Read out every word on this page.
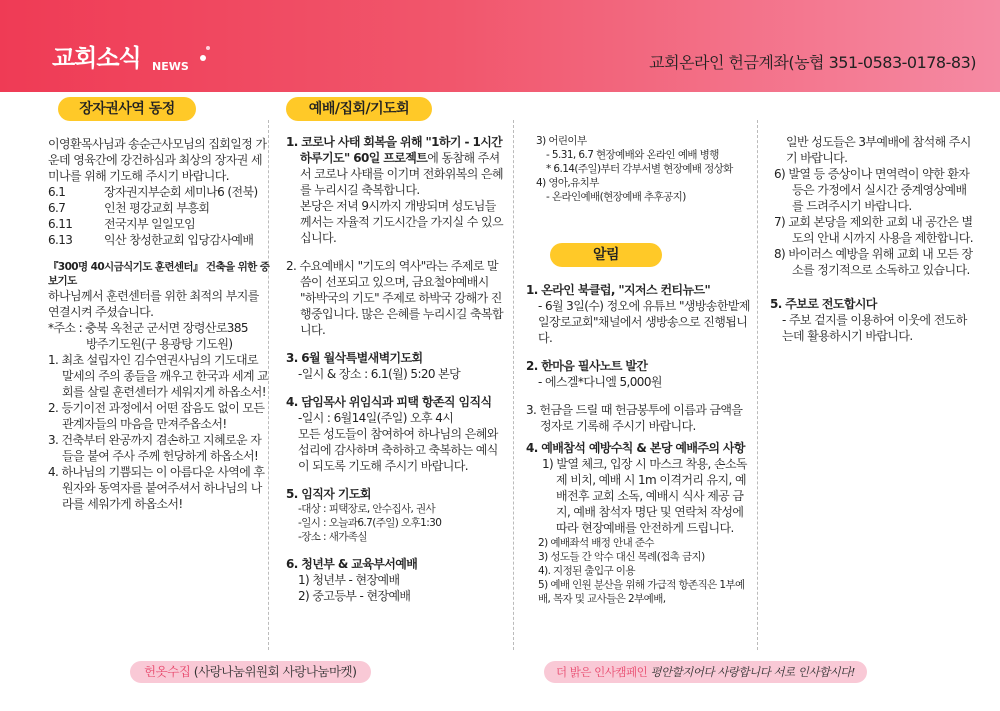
교회소식 NEWS	교회온라인 헌금계좌(농협 351-0583-0178-83)
장자권사역 동정	예배/집회/기도회
알림

이영환목사님과 송순근사모님의 집회일정 가운데 영육간에 강건하심과 최상의 장자권 세미나를 위해 기도해 주시기 바랍니다.

6.1	장자권지부순회 세미나6 (전북)
6.7	인천 평강교회 부흥회
6.11	전국지부 일일모임
6.13	익산 창성한교회 입당감사예배

『300명 40시금식기도 훈련센터』 건축을 위한 중보기도

하나님께서 훈련센터를 위한 최적의 부지를 연결시켜 주셨습니다.

*주소 : 충북 옥천군 군서면 장령산로385

방주기도원(구 용광탕 기도원)

1. 최초 설립자인 김수연권사님의 기도대로 말세의 주의 종들을 깨우고 한국과 세계 교회를 살릴 훈련센터가 세워지게 하옵소서!

2. 등기이전 과정에서 어떤 잡음도 없이 모든 관계자들의 마음을 만져주옵소서!

3. 건축부터 완공까지 겸손하고 지혜로운 자들을 붙여 주사 주께 헌당하게 하옵소서!

4. 하나님의 기쁨되는 이 아름다운 사역에 후원자와 동역자를 붙여주셔서 하나님의 나라를 세워가게 하옵소서!

1. 코로나 사태 회복을 위해 "1하기 - 1시간 하루기도" 60일 프로젝트에 동참해 주셔서 코로나 사태를 이기며 전화위복의 은혜를 누리시길 축복합니다.

본당은 저녁 9시까지 개방되며 성도님들께서는 자율적 기도시간을 가지실 수 있으십니다.

2. 수요예배시 "기도의 역사"라는 주제로 말씀이 선포되고 있으며, 금요철야예배시 "하박국의 기도" 주제로 하박국 강해가 진행중입니다. 많은 은혜를 누리시길 축복합니다.

3. 6월 월삭특별새벽기도회

-일시 & 장소 : 6.1(월) 5:20 본당

4. 담임목사 위임식과 피택 항존직 임직식

-일시 : 6월14일(주일) 오후 4시

모든 성도들이 참여하여 하나님의 은혜와 섭리에 감사하며 축하하고 축복하는 예식이 되도록 기도해 주시기 바랍니다.

5. 임직자 기도회

-대상 : 피택장로, 안수집사, 권사

-일시 : 오늘과6.7(주일) 오후1:30

-장소 : 새가족실

6. 청년부 & 교육부서예배

1) 청년부 - 현장예배

2) 중고등부 - 현장예배

3) 어린이부

- 5.31, 6.7 현장예배와 온라인 예배 병행

* 6.14(주일)부터 각부서별 현장예배 정상화

4) 영아,유치부

- 온라인예배(현장예배 추후공지)

1. 온라인 북클럽, "지저스 컨티뉴드"

- 6월 3일(수) 정오에 유튜브 "생방송한밭제일장로교회"채널에서 생방송으로 진행됩니다.

2. 한마음 필사노트 발간

- 에스겔*다니엘 5,000원

3. 헌금을 드릴 때 헌금봉투에 이름과 금액을 정자로 기록해 주시기 바랍니다.

4. 예배참석 예방수칙 & 본당 예배주의 사항

1) 발열 체크, 입장 시 마스크 착용, 손소독제 비치, 예배 시 1m 이격거리 유지, 예배전후 교회 소독, 예배시 식사 제공 금지, 예배 참석자 명단 및 연락처 작성에 따라 현장예배를 안전하게 드립니다.

2) 예배좌석 배정 안내 준수

3) 성도들 간 악수 대신 목례(접촉 금지)

4). 지정된 출입구 이용

5) 예배 인원 분산을 위해 가급적 항존직은 1부예배, 목자 및 교사들은 2부예배,

일반 성도들은 3부예배에 참석해 주시기 바랍니다.

6) 발열 등 증상이나 면역력이 약한 환자 등은 가정에서 실시간 중계영상예배를 드려주시기 바랍니다.

7) 교회 본당을 제외한 교회 내 공간은 별도의 안내 시까지 사용을 제한합니다.

8) 바이러스 예방을 위해 교회 내 모든 장소를 정기적으로 소독하고 있습니다.

5. 주보로 전도합시다

- 주보 겉지를 이용하여 이웃에 전도하는데 활용하시기 바랍니다.

헌옷수집 (사랑나눔위원회 사랑나눔마켓)	더 밝은 인사캠페인 평안할지어다 사랑합니다 서로 인사합시다!
